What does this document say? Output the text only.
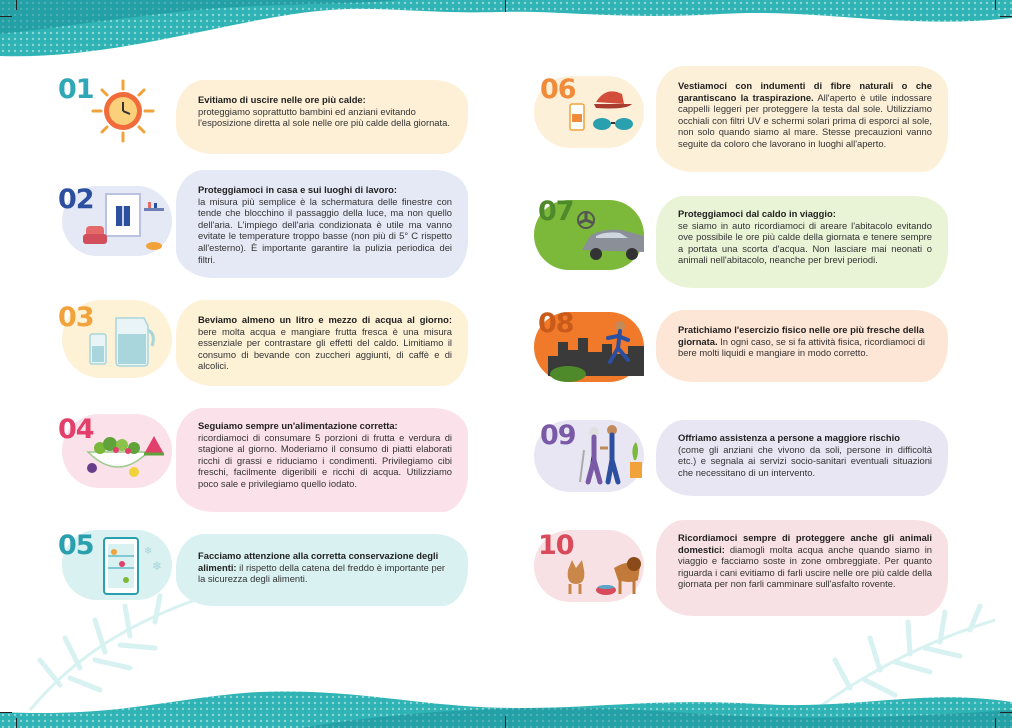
01	Evitiamo di uscire nelle ore più calde:
proteggiamo soprattutto bambini ed anziani evitando l'esposizione diretta al sole nelle ore più calde della giornata.
02	Proteggiamoci in casa e sui luoghi di lavoro:
la misura più semplice è la schermatura delle finestre con tende che blocchino il passaggio della luce, ma non quello dell'aria. L'impiego dell'aria condizionata è utile ma vanno evitate le temperature troppo basse (non più di 5° C rispetto all'esterno). È importante garantire la pulizia periodica dei filtri.
03	Beviamo almeno un litro e mezzo di acqua al giorno: bere molta acqua e mangiare frutta fresca è una misura essenziale per contrastare gli effetti del caldo. Limitiamo il consumo di bevande con zuccheri aggiunti, di caffè e di alcolici.
04	Seguiamo sempre un'alimentazione corretta:
ricordiamoci di consumare 5 porzioni di frutta e verdura di stagione al giorno. Moderiamo il consumo di piatti elaborati ricchi di grassi e riduciamo i condimenti. Privilegiamo cibi freschi, facilmente digeribili e ricchi di acqua. Utilizziamo poco sale e privilegiamo quello iodato.
05	❄
❄
Facciamo attenzione alla corretta conservazione degli alimenti: il rispetto della catena del freddo è importante per la sicurezza degli alimenti.
06	Vestiamoci con indumenti di fibre naturali o che garantiscano la traspirazione. All'aperto è utile indossare cappelli leggeri per proteggere la testa dal sole. Utilizziamo occhiali con filtri UV e schermi solari prima di esporci al sole, non solo quando siamo al mare. Stesse precauzioni vanno seguite da coloro che lavorano in luoghi all'aperto.
07	Proteggiamoci dal caldo in viaggio:
se siamo in auto ricordiamoci di areare l'abitacolo evitando ove possibile le ore più calde della giornata e tenere sempre a portata una scorta d'acqua. Non lasciare mai neonati o animali nell'abitacolo, neanche per brevi periodi.
08	Pratichiamo l'esercizio fisico nelle ore più fresche della giornata. In ogni caso, se si fa attività fisica, ricordiamoci di bere molti liquidi e mangiare in modo corretto.
09	Offriamo assistenza a persone a maggiore rischio
(come gli anziani che vivono da soli, persone in difficoltà etc.) e segnala ai servizi socio-sanitari eventuali situazioni che necessitano di un intervento.
10	Ricordiamoci sempre di proteggere anche gli animali domestici: diamogli molta acqua anche quando siamo in viaggio e facciamo soste in zone ombreggiate. Per quanto riguarda i cani evitiamo di farli uscire nelle ore più calde della giornata per non farli camminare sull'asfalto rovente.
